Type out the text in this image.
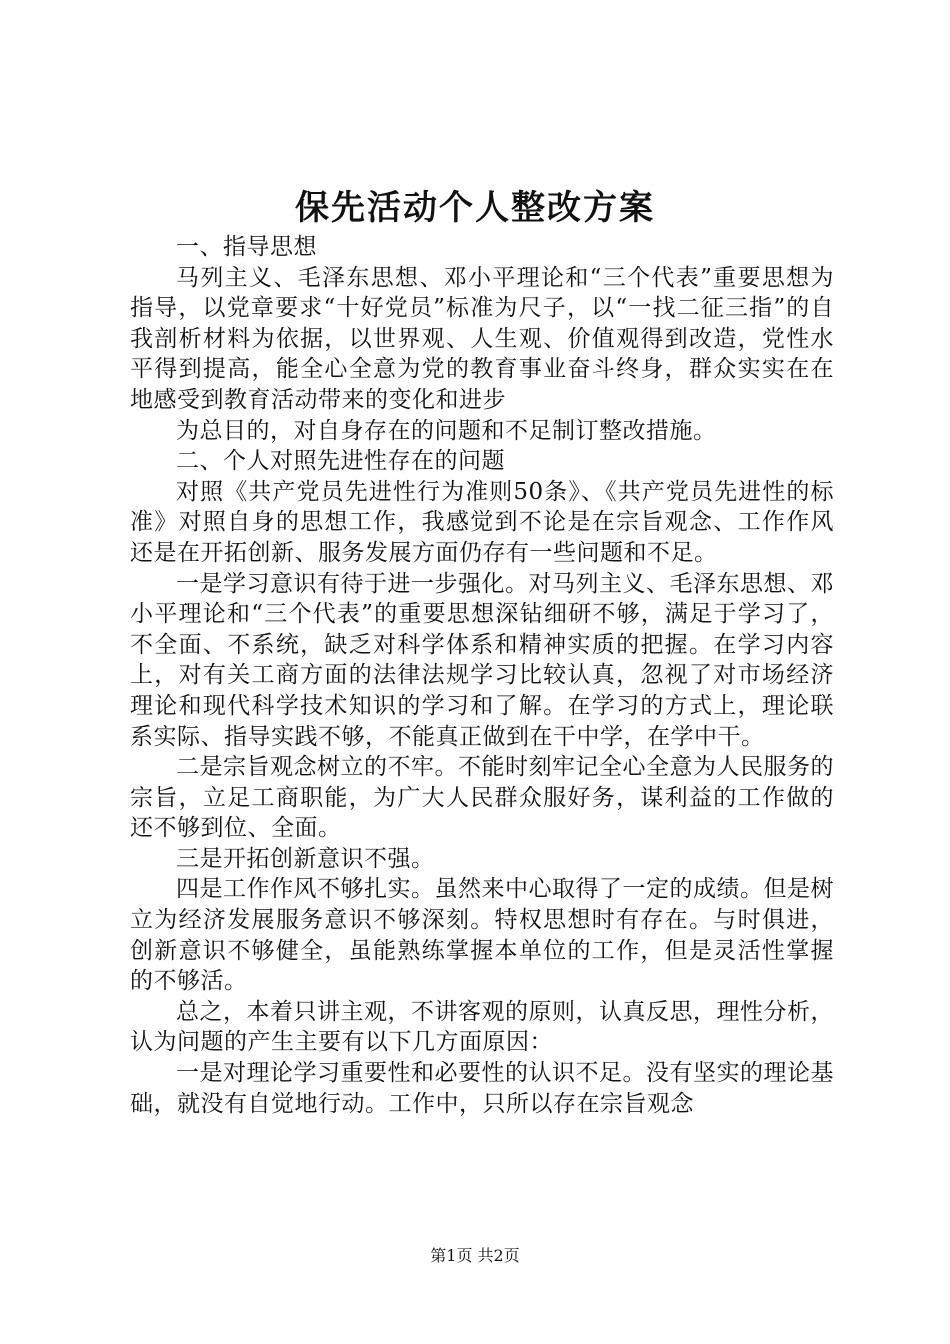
保先活动个人整改方案

一、指导思想

马列主义、毛泽东思想、邓小平理论和“三个代表”重要思想为指导，以党章要求“十好党员”标准为尺子，以“一找二征三指”的自我剖析材料为依据，以世界观、人生观、价值观得到改造，党性水平得到提高，能全心全意为党的教育事业奋斗终身，群众实实在在地感受到教育活动带来的变化和进步

为总目的，对自身存在的问题和不足制订整改措施。

二、个人对照先进性存在的问题

对照《共产党员先进性行为准则50条》、《共产党员先进性的标准》对照自身的思想工作，我感觉到不论是在宗旨观念、工作作风还是在开拓创新、服务发展方面仍存有一些问题和不足。

一是学习意识有待于进一步强化。对马列主义、毛泽东思想、邓小平理论和“三个代表”的重要思想深钻细研不够，满足于学习了，不全面、不系统，缺乏对科学体系和精神实质的把握。在学习内容上，对有关工商方面的法律法规学习比较认真，忽视了对市场经济理论和现代科学技术知识的学习和了解。在学习的方式上，理论联系实际、指导实践不够，不能真正做到在干中学，在学中干。

二是宗旨观念树立的不牢。不能时刻牢记全心全意为人民服务的宗旨，立足工商职能，为广大人民群众服好务，谋利益的工作做的还不够到位、全面。

三是开拓创新意识不强。

四是工作作风不够扎实。虽然来中心取得了一定的成绩。但是树立为经济发展服务意识不够深刻。特权思想时有存在。与时俱进，创新意识不够健全，虽能熟练掌握本单位的工作，但是灵活性掌握的不够活。

总之，本着只讲主观，不讲客观的原则，认真反思，理性分析，认为问题的产生主要有以下几方面原因：

一是对理论学习重要性和必要性的认识不足。没有坚实的理论基础，就没有自觉地行动。工作中，只所以存在宗旨观念

第1页 共2页
